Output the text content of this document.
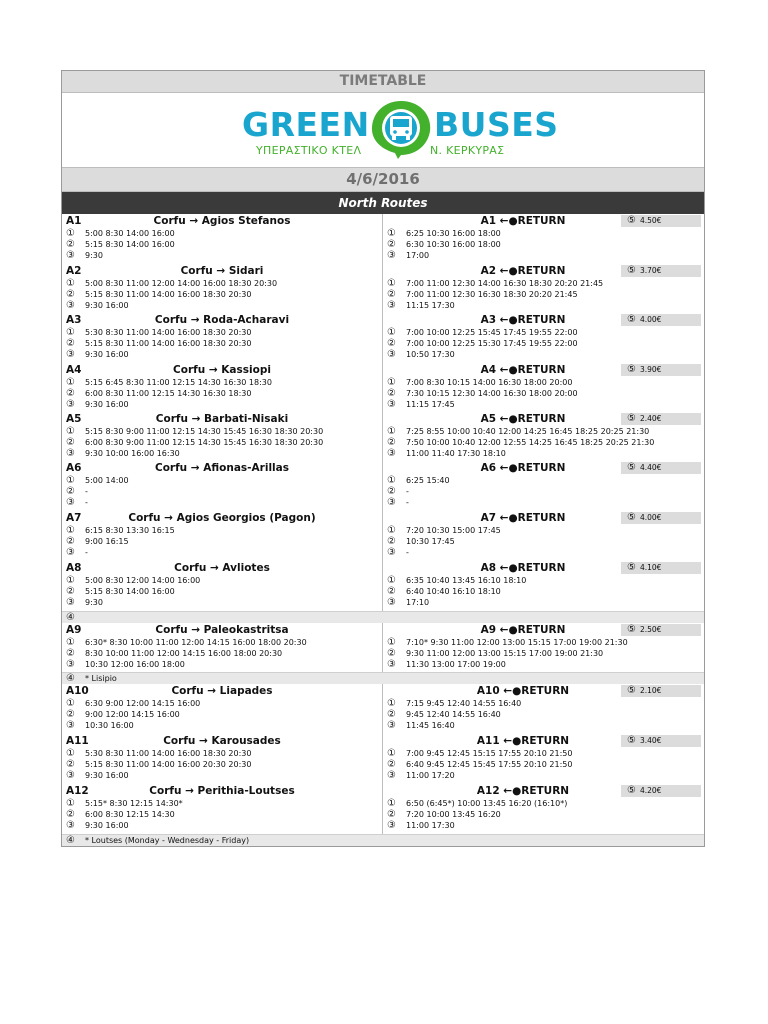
TIMETABLE
GREEN BUSES
ΥΠΕΡΑΣΤΙΚΟ ΚΤΕΛ	Ν. ΚΕΡΚΥΡΑΣ
4/6/2016
North Routes
Corfu → Agios Stefanos
A1
① 5:00 8:30 14:00 16:00
② 5:15 8:30 14:00 16:00
③ 9:30
A1 ←●RETURN	⑤ 4.50€
① 6:25 10:30 16:00 18:00
② 6:30 10:30 16:00 18:00
③ 17:00
Corfu → Sidari
A2
① 5:00 8:30 11:00 12:00 14:00 16:00 18:30 20:30
② 5:15 8:30 11:00 14:00 16:00 18:30 20:30
③ 9:30 16:00
A2 ←●RETURN	⑤ 3.70€
① 7:00 11:00 12:30 14:00 16:30 18:30 20:20 21:45
② 7:00 11:00 12:30 16:30 18:30 20:20 21:45
③ 11:15 17:30
Corfu → Roda-Acharavi
A3
① 5:30 8:30 11:00 14:00 16:00 18:30 20:30
② 5:15 8:30 11:00 14:00 16:00 18:30 20:30
③ 9:30 16:00
A3 ←●RETURN	⑤ 4.00€
① 7:00 10:00 12:25 15:45 17:45 19:55 22:00
② 7:00 10:00 12:25 15:30 17:45 19:55 22:00
③ 10:50 17:30
Corfu → Kassiopi
A4
① 5:15 6:45 8:30 11:00 12:15 14:30 16:30 18:30
② 6:00 8:30 11:00 12:15 14:30 16:30 18:30
③ 9:30 16:00
A4 ←●RETURN	⑤ 3.90€
① 7:00 8:30 10:15 14:00 16:30 18:00 20:00
② 7:30 10:15 12:30 14:00 16:30 18:00 20:00
③ 11:15 17:45
Corfu → Barbati-Nisaki
A5
① 5:15 8:30 9:00 11:00 12:15 14:30 15:45 16:30 18:30 20:30
② 6:00 8:30 9:00 11:00 12:15 14:30 15:45 16:30 18:30 20:30
③ 9:30 10:00 16:00 16:30
A5 ←●RETURN	⑤ 2.40€
① 7:25 8:55 10:00 10:40 12:00 14:25 16:45 18:25 20:25 21:30
② 7:50 10:00 10:40 12:00 12:55 14:25 16:45 18:25 20:25 21:30
③ 11:00 11:40 17:30 18:10
Corfu → Afionas-Arillas
A6
① 5:00 14:00
② -
③ -
A6 ←●RETURN	⑤ 4.40€
① 6:25 15:40
② -
③ -
Corfu → Agios Georgios (Pagon)
A7
① 6:15 8:30 13:30 16:15
② 9:00 16:15
③ -
A7 ←●RETURN	⑤ 4.00€
① 7:20 10:30 15:00 17:45
② 10:30 17:45
③ -
Corfu → Avliotes
A8
① 5:00 8:30 12:00 14:00 16:00
② 5:15 8:30 14:00 16:00
③ 9:30
A8 ←●RETURN	⑤ 4.10€
① 6:35 10:40 13:45 16:10 18:10
② 6:40 10:40 16:10 18:10
③ 17:10
④
Corfu → Paleokastritsa
A9
① 6:30* 8:30 10:00 11:00 12:00 14:15 16:00 18:00 20:30
② 8:30 10:00 11:00 12:00 14:15 16:00 18:00 20:30
③ 10:30 12:00 16:00 18:00
A9 ←●RETURN	⑤ 2.50€
① 7:10* 9:30 11:00 12:00 13:00 15:15 17:00 19:00 21:30
② 9:30 11:00 12:00 13:00 15:15 17:00 19:00 21:30
③ 11:30 13:00 17:00 19:00
④ * Lisipio
Corfu → Liapades
A10
① 6:30 9:00 12:00 14:15 16:00
② 9:00 12:00 14:15 16:00
③ 10:30 16:00
A10 ←●RETURN	⑤ 2.10€
① 7:15 9:45 12:40 14:55 16:40
② 9:45 12:40 14:55 16:40
③ 11:45 16:40
Corfu → Karousades
A11
① 5:30 8:30 11:00 14:00 16:00 18:30 20:30
② 5:15 8:30 11:00 14:00 16:00 20:30 20:30
③ 9:30 16:00
A11 ←●RETURN	⑤ 3.40€
① 7:00 9:45 12:45 15:15 17:55 20:10 21:50
② 6:40 9:45 12:45 15:45 17:55 20:10 21:50
③ 11:00 17:20
Corfu → Perithia-Loutses
A12
① 5:15* 8:30 12:15 14:30*
② 6:00 8:30 12:15 14:30
③ 9:30 16:00
A12 ←●RETURN	⑤ 4.20€
① 6:50 (6:45*) 10:00 13:45 16:20 (16:10*)
② 7:20 10:00 13:45 16:20
③ 11:00 17:30
④ * Loutses (Monday - Wednesday - Friday)
